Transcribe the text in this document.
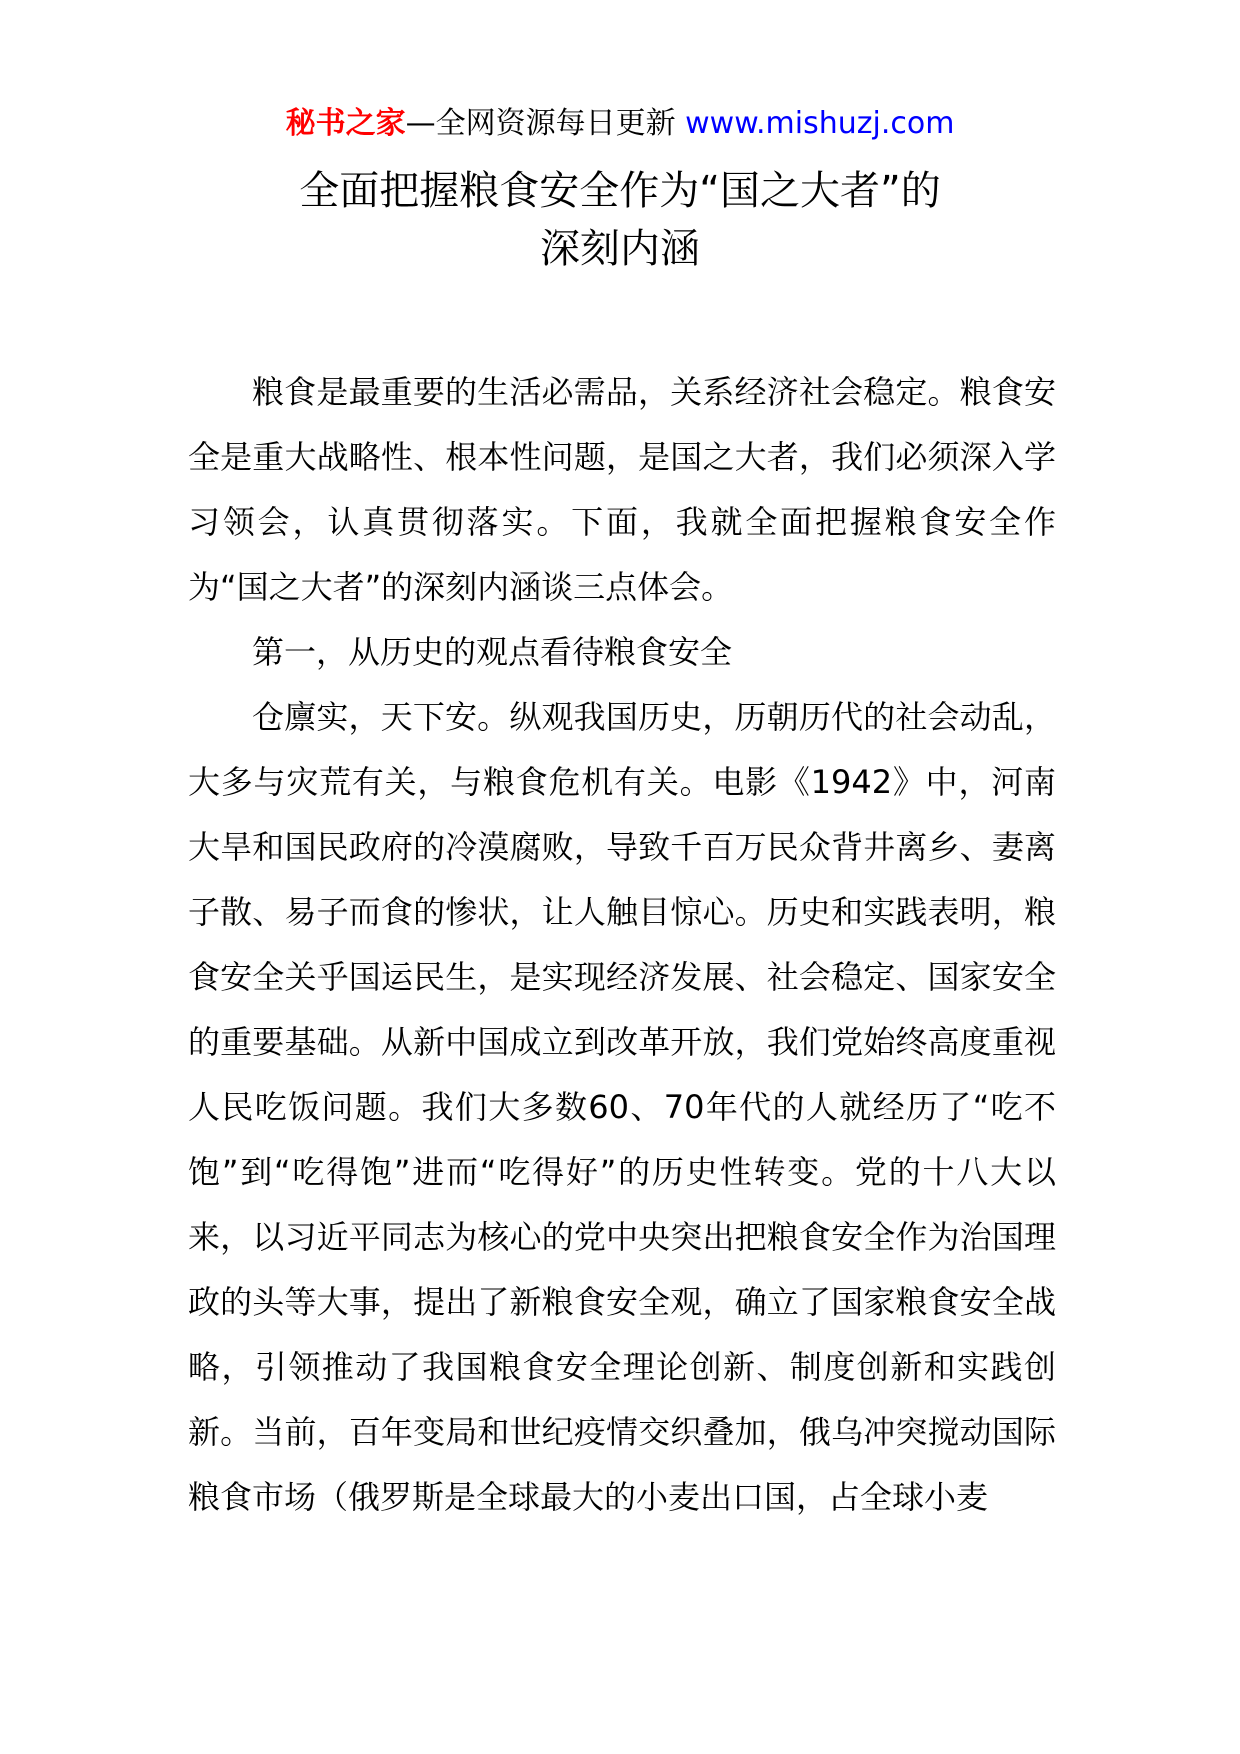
秘书之家—全网资源每日更新 www.mishuzj.com
全面把握粮食安全作为“国之大者”的
深刻内涵

粮食是最重要的生活必需品，关系经济社会稳定。粮食安全是重大战略性、根本性问题，是国之大者，我们必须深入学习领会，认真贯彻落实。下面，我就全面把握粮食安全作为“国之大者”的深刻内涵谈三点体会。

第一，从历史的观点看待粮食安全

仓廪实，天下安。纵观我国历史，历朝历代的社会动乱，大多与灾荒有关，与粮食危机有关。电影《1942》中，河南大旱和国民政府的冷漠腐败，导致千百万民众背井离乡、妻离子散、易子而食的惨状，让人触目惊心。历史和实践表明，粮食安全关乎国运民生，是实现经济发展、社会稳定、国家安全的重要基础。从新中国成立到改革开放，我们党始终高度重视人民吃饭问题。我们大多数60、70年代的人就经历了“吃不饱”到“吃得饱”进而“吃得好”的历史性转变。党的十八大以来，以习近平同志为核心的党中央突出把粮食安全作为治国理政的头等大事，提出了新粮食安全观，确立了国家粮食安全战略，引领推动了我国粮食安全理论创新、制度创新和实践创新。当前，百年变局和世纪疫情交织叠加，俄乌冲突搅动国际粮食市场（俄罗斯是全球最大的小麦出口国，占全球小麦
